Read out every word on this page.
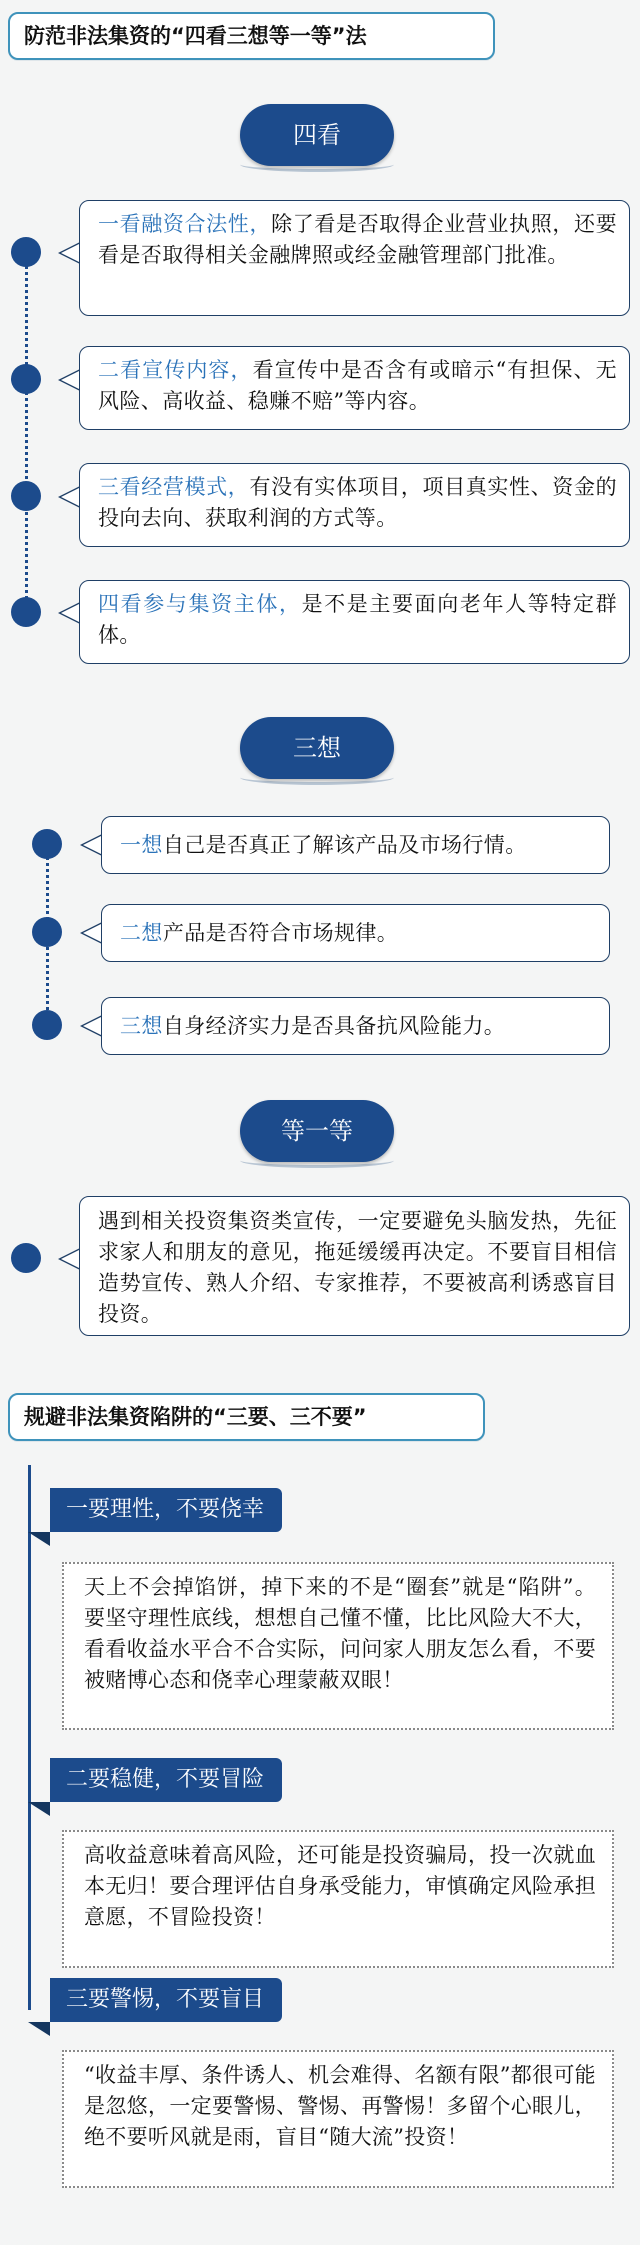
防范非法集资的“四看三想等一等”法
四看
一看融资合法性，除了看是否取得企业营业执照，还要看是否取得相关金融牌照或经金融管理部门批准。
二看宣传内容，看宣传中是否含有或暗示“有担保、无风险、高收益、稳赚不赔”等内容。
三看经营模式，有没有实体项目，项目真实性、资金的投向去向、获取利润的方式等。
四看参与集资主体，是不是主要面向老年人等特定群体。
三想
一想自己是否真正了解该产品及市场行情。
二想产品是否符合市场规律。
三想自身经济实力是否具备抗风险能力。
等一等
遇到相关投资集资类宣传，一定要避免头脑发热，先征求家人和朋友的意见，拖延缓缓再决定。不要盲目相信造势宣传、熟人介绍、专家推荐，不要被高利诱惑盲目投资。
规避非法集资陷阱的“三要、三不要”
一要理性，不要侥幸
天上不会掉馅饼，掉下来的不是“圈套”就是“陷阱”。要坚守理性底线，想想自己懂不懂，比比风险大不大，看看收益水平合不合实际，问问家人朋友怎么看，不要被赌博心态和侥幸心理蒙蔽双眼！
二要稳健，不要冒险
高收益意味着高风险，还可能是投资骗局，投一次就血本无归！要合理评估自身承受能力，审慎确定风险承担意愿，不冒险投资！
三要警惕，不要盲目
“收益丰厚、条件诱人、机会难得、名额有限”都很可能是忽悠，一定要警惕、警惕、再警惕！多留个心眼儿，绝不要听风就是雨，盲目“随大流”投资！
